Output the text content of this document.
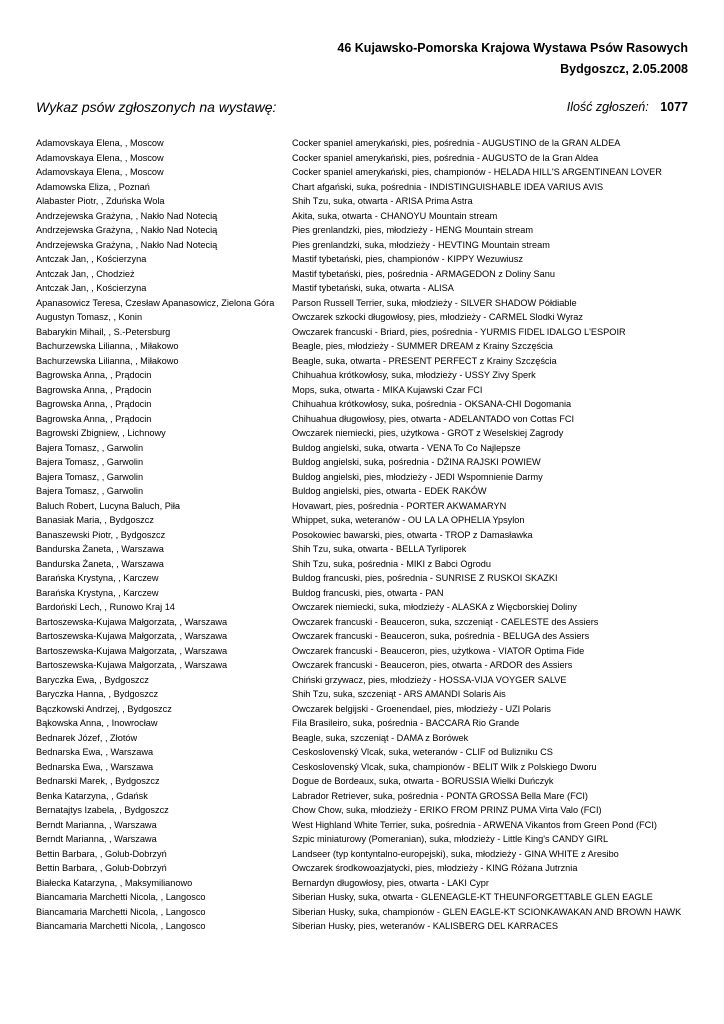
46 Kujawsko-Pomorska Krajowa Wystawa Psów Rasowych
Bydgoszcz, 2.05.2008
Wykaz psów zgłoszonych na wystawę:	Ilość zgłoszeń: 1077
Adamovskaya Elena, , Moscow	Cocker spaniel amerykański, pies, pośrednia - AUGUSTINO de la GRAN ALDEA
Adamovskaya Elena, , Moscow	Cocker spaniel amerykański, pies, pośrednia - AUGUSTO de la Gran Aldea
Adamovskaya Elena, , Moscow	Cocker spaniel amerykański, pies, championów - HELADA HILL'S ARGENTINEAN LOVER
Adamowska Eliza, , Poznań	Chart afgański, suka, pośrednia - INDISTINGUISHABLE IDEA VARIUS AVIS
Alabaster Piotr, , Zduńska Wola	Shih Tzu, suka, otwarta - ARISA Prima Astra
Andrzejewska Grażyna, , Nakło Nad Notecią	Akita, suka, otwarta - CHANOYU Mountain stream
Andrzejewska Grażyna, , Nakło Nad Notecią	Pies grenlandzki, pies, młodzieży - HENG Mountain stream
Andrzejewska Grażyna, , Nakło Nad Notecią	Pies grenlandzki, suka, młodzieży - HEVTING Mountain stream
Antczak Jan, , Kościerzyna	Mastif tybetański, pies, championów - KIPPY Wezuwiusz
Antczak Jan, , Chodzież	Mastif tybetański, pies, pośrednia - ARMAGEDON z Doliny Sanu
Antczak Jan, , Kościerzyna	Mastif tybetański, suka, otwarta - ALISA
Apanasowicz Teresa, Czesław Apanasowicz, Zielona Góra	Parson Russell Terrier, suka, młodzieży - SILVER SHADOW Półdiable
Augustyn Tomasz, , Konin	Owczarek szkocki długowłosy, pies, młodzieży - CARMEL Slodki Wyraz
Babarykin Mihail, , S.-Petersburg	Owczarek francuski - Briard, pies, pośrednia - YURMIS FIDEL IDALGO L'ESPOIR
Bachurzewska Lilianna, , Miłakowo	Beagle, pies, młodzieży - SUMMER DREAM z Krainy Szczęścia
Bachurzewska Lilianna, , Miłakowo	Beagle, suka, otwarta - PRESENT PERFECT z Krainy Szczęścia
Bagrowska Anna, , Prądocin	Chihuahua krótkowłosy, suka, młodzieży - USSY Zivy Sperk
Bagrowska Anna, , Prądocin	Mops, suka, otwarta - MIKA Kujawski Czar FCI
Bagrowska Anna, , Prądocin	Chihuahua krótkowłosy, suka, pośrednia - OKSANA-CHI Dogomania
Bagrowska Anna, , Prądocin	Chihuahua długowłosy, pies, otwarta - ADELANTADO von Cottas FCI
Bagrowski Zbigniew, , Lichnowy	Owczarek niemiecki, pies, użytkowa - GROT z Weselskiej Zagrody
Bajera Tomasz, , Garwolin	Buldog angielski, suka, otwarta - VENA To Co Najlepsze
Bajera Tomasz, , Garwolin	Buldog angielski, suka, pośrednia - DŻINA RAJSKI POWIEW
Bajera Tomasz, , Garwolin	Buldog angielski, pies, młodzieży - JEDI Wspomnienie Darmy
Bajera Tomasz, , Garwolin	Buldog angielski, pies, otwarta - EDEK RAKÓW
Baluch Robert, Lucyna Baluch, Piła	Hovawart, pies, pośrednia - PORTER AKWAMARYN
Banasiak Maria, , Bydgoszcz	Whippet, suka, weteranów - OU LA LA OPHELIA Ypsylon
Banaszewski Piotr, , Bydgoszcz	Posokowiec bawarski, pies, otwarta - TROP z Damasławka
Bandurska Żaneta, , Warszawa	Shih Tzu, suka, otwarta - BELLA Tyrliporek
Bandurska Żaneta, , Warszawa	Shih Tzu, suka, pośrednia - MIKI z Babci Ogrodu
Barańska Krystyna, , Karczew	Buldog francuski, pies, pośrednia - SUNRISE Z RUSKOI SKAZKI
Barańska Krystyna, , Karczew	Buldog francuski, pies, otwarta - PAN
Bardoński Lech, , Runowo Kraj 14	Owczarek niemiecki, suka, młodzieży - ALASKA z Więcborskiej Doliny
Bartoszewska-Kujawa Małgorzata, , Warszawa	Owczarek francuski - Beauceron, suka, szczeniąt - CAELESTE des Assiers
Bartoszewska-Kujawa Małgorzata, , Warszawa	Owczarek francuski - Beauceron, suka, pośrednia - BELUGA des Assiers
Bartoszewska-Kujawa Małgorzata, , Warszawa	Owczarek francuski - Beauceron, pies, użytkowa - VIATOR Optima Fide
Bartoszewska-Kujawa Małgorzata, , Warszawa	Owczarek francuski - Beauceron, pies, otwarta - ARDOR des Assiers
Baryczka Ewa, , Bydgoszcz	Chiński grzywacz, pies, młodzieży - HOSSA-VIJA VOYGER SALVE
Baryczka Hanna, , Bydgoszcz	Shih Tzu, suka, szczeniąt - ARS AMANDI Solaris Ais
Bączkowski Andrzej, , Bydgoszcz	Owczarek belgijski - Groenendael, pies, młodzieży - UZI Polaris
Bąkowska Anna, , Inowrocław	Fila Brasileiro, suka, pośrednia - BACCARA Rio Grande
Bednarek Józef, , Złotów	Beagle, suka, szczeniąt - DAMA z Borówek
Bednarska Ewa, , Warszawa	Ceskoslovenský Vlcak, suka, weteranów - CLIF od Bulizniku CS
Bednarska Ewa, , Warszawa	Ceskoslovenský Vlcak, suka, championów - BELIT Wilk z Polskiego Dworu
Bednarski Marek, , Bydgoszcz	Dogue de Bordeaux, suka, otwarta - BORUSSIA Wielki Duńczyk
Benka Katarzyna, , Gdańsk	Labrador Retriever, suka, pośrednia - PONTA GROSSA Bella Mare (FCI)
Bernatajtys Izabela, , Bydgoszcz	Chow Chow, suka, młodzieży - ERIKO FROM PRINZ PUMA Virta Valo (FCI)
Berndt Marianna, , Warszawa	West Highland White Terrier, suka, pośrednia - ARWENA Vikantos from Green Pond (FCI)
Berndt Marianna, , Warszawa	Szpic miniaturowy (Pomeranian), suka, młodzieży - Little King's CANDY GIRL
Bettin Barbara, , Golub-Dobrzyń	Landseer (typ kontyntalno-europejski), suka, młodzieży - GINA WHITE z Aresibo
Bettin Barbara, , Golub-Dobrzyń	Owczarek środkowoazjatycki, pies, młodzieży - KING Różana Jutrznia
Białecka Katarzyna, , Maksymilianowo	Bernardyn długowłosy, pies, otwarta - LAKI Cypr
Biancamaria Marchetti Nicola, , Langosco	Siberian Husky, suka, otwarta - GLENEAGLE-KT THEUNFORGETTABLE GLEN EAGLE
Biancamaria Marchetti Nicola, , Langosco	Siberian Husky, suka, championów - GLEN EAGLE-KT SCIONKAWAKAN AND BROWN HAWK
Biancamaria Marchetti Nicola, , Langosco	Siberian Husky, pies, weteranów - KALISBERG DEL KARRACES
